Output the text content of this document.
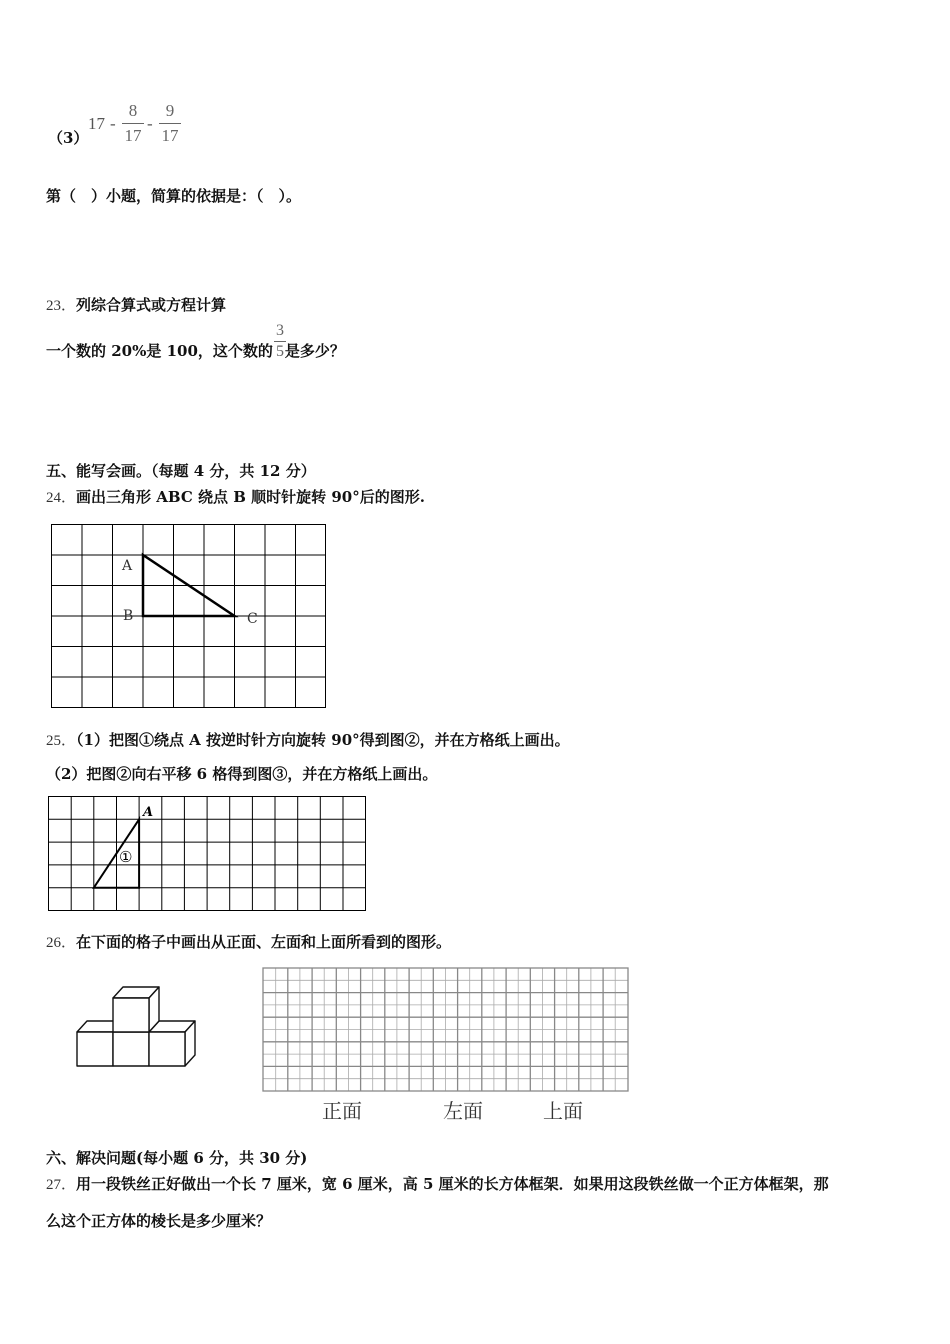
（3）
17 -
8
17
-
9
17
第（　）小题，简算的依据是：（　）。
23．列综合算式或方程计算
一个数的 20%是 100，这个数的 是多少？
3
5
五、能写会画。（每题 4 分，共 12 分）
24．画出三角形 ABC 绕点 B 顺时针旋转 90°后的图形.
A
B	C
25．（1）把图①绕点 A 按逆时针方向旋转 90°得到图②，并在方格纸上画出。
（2）把图②向右平移 6 格得到图③，并在方格纸上画出。
A
①
26．在下面的格子中画出从正面、左面和上面所看到的图形。
正面	左面	上面
六、解决问题(每小题 6 分，共 30 分)
27．用一段铁丝正好做出一个长 7 厘米，宽 6 厘米，高 5 厘米的长方体框架．如果用这段铁丝做一个正方体框架，那
么这个正方体的棱长是多少厘米？
